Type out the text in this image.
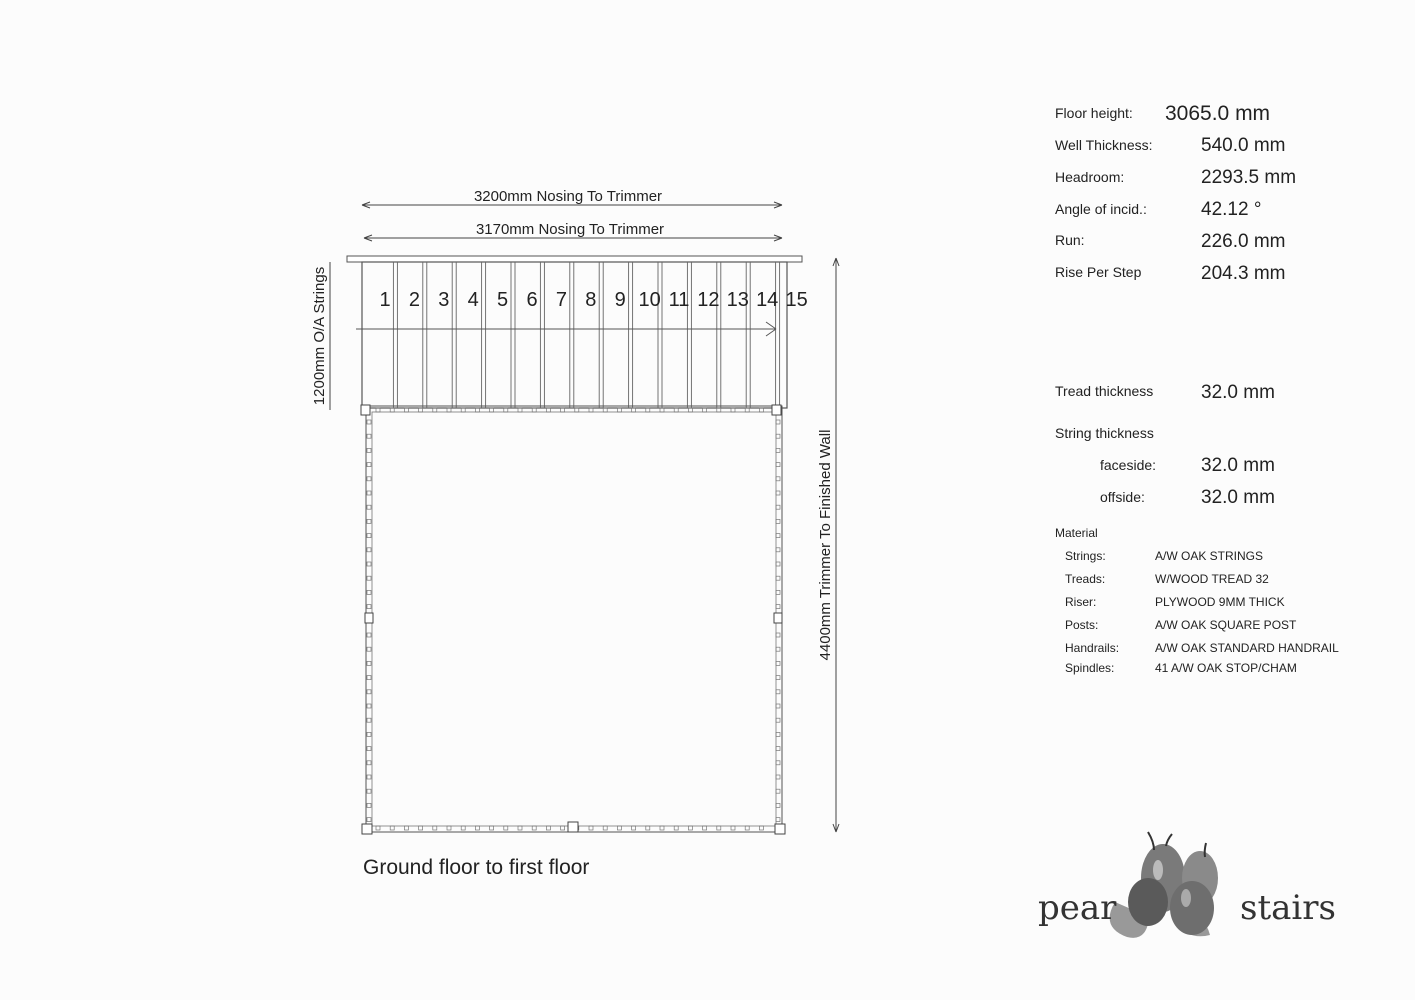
3200mm Nosing To Trimmer
3170mm Nosing To Trimmer
1200mm O/A Strings
4400mm Trimmer To Finished Wall
1 2 3 4 5 6 7 8 9 10 11 12 13 14 15
Ground floor to first floor
Floor height: 3065.0 mm
Well Thickness:	540.0 mm
Headroom:	2293.5 mm
Angle of incid.:	42.12 °
Run:	226.0 mm
Rise Per Step	204.3 mm
Tread thickness	32.0 mm
String thickness
faceside: 32.0 mm
offside:	32.0 mm
Material
Strings:	A/W OAK STRINGS
Treads:	W/WOOD TREAD 32
Riser:	PLYWOOD 9MM THICK
Posts:	A/W OAK SQUARE POST
Handrails:	A/W OAK STANDARD HANDRAIL
Spindles:	41 A/W OAK STOP/CHAM
pear	stairs
